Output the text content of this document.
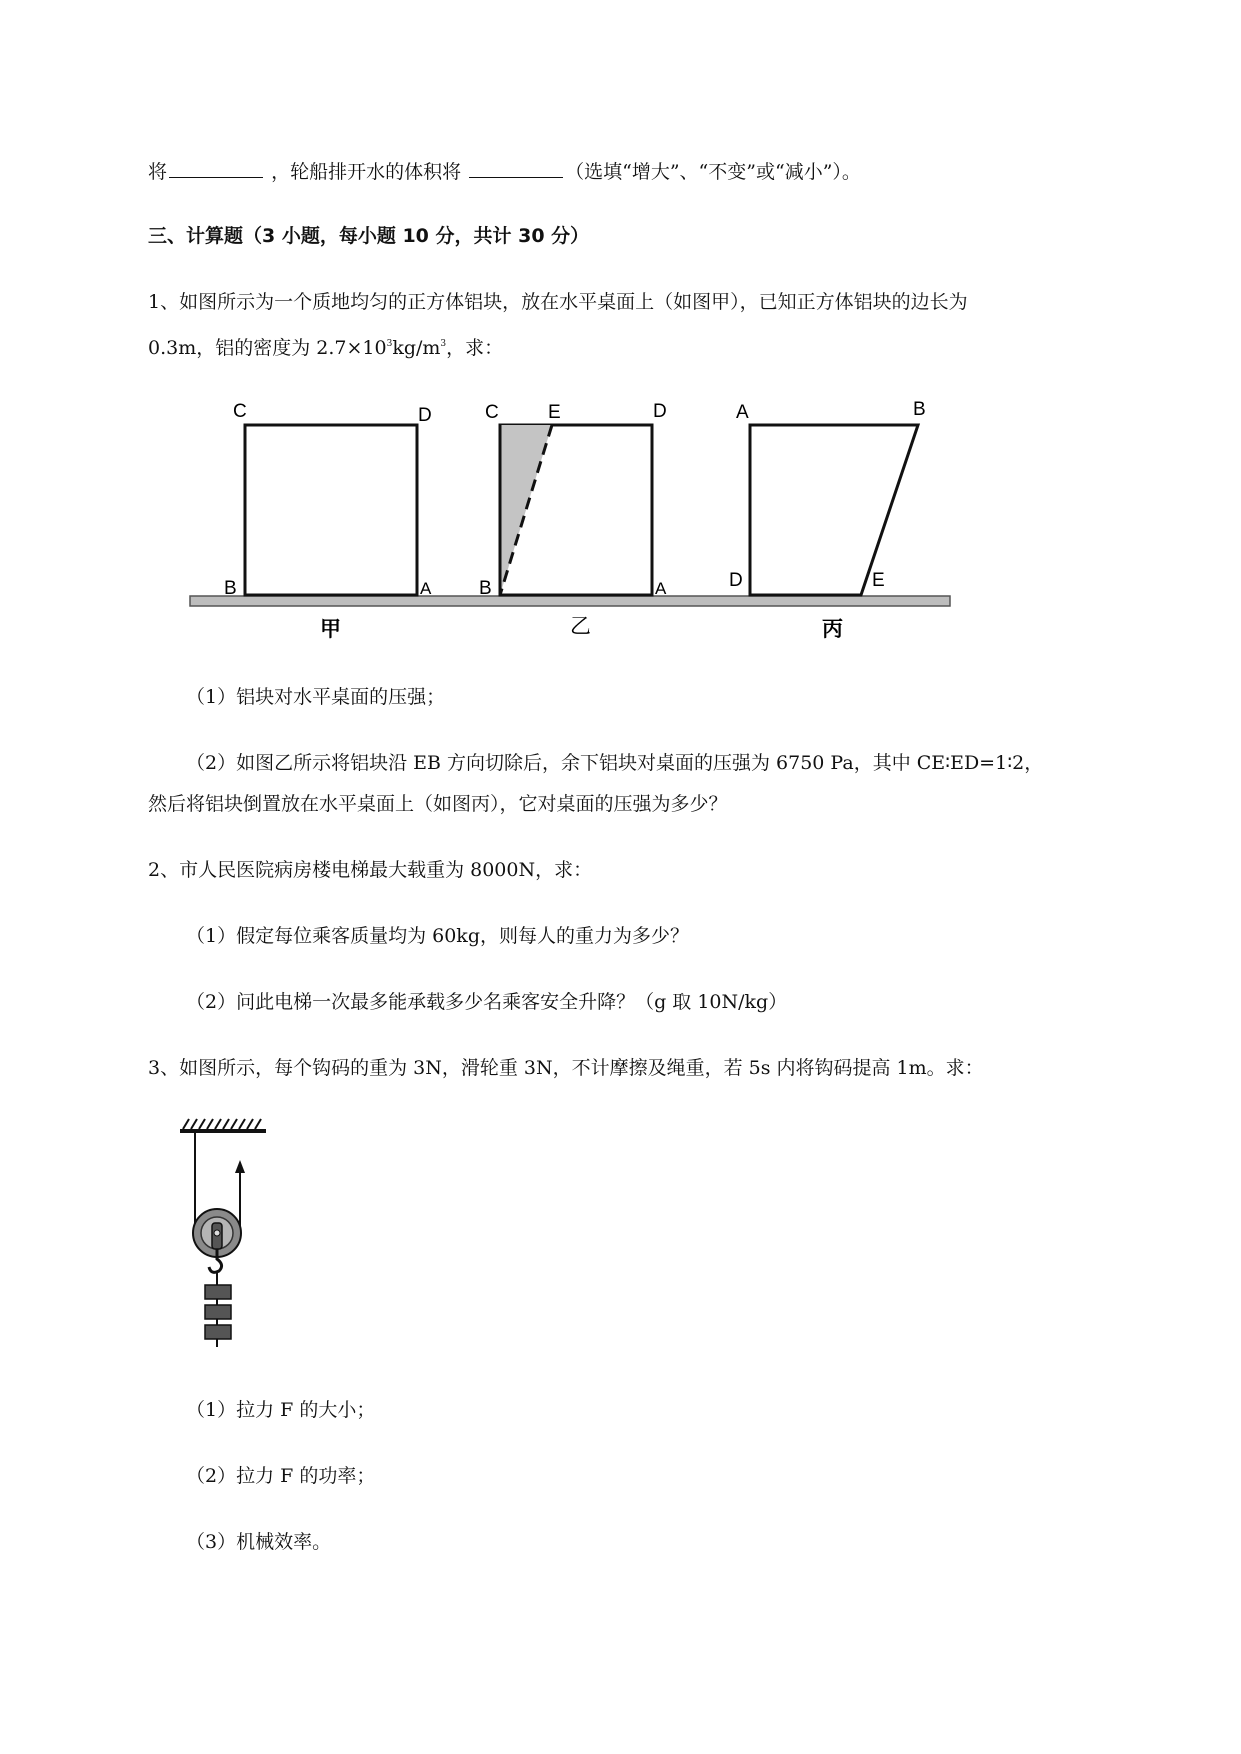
将	，轮船排开水的体积将	（选填“增大”、“不变”或“减小”）。
三、计算题（3 小题，每小题 10 分，共计 30 分）
1、如图所示为一个质地均匀的正方体铝块，放在水平桌面上（如图甲），已知正方体铝块的边长为
0.3m，铝的密度为 $2.7\times 10^3kg/m^3$，求：
C	D
B	A
甲
C	E	D
B	A
乙
A	B
D	E
丙
（1）铝块对水平桌面的压强；
（2）如图乙所示将铝块沿 EB 方向切除后，余下铝块对桌面的压强为 6750 Pa，其中 CE∶ED=1∶2，
然后将铝块倒置放在水平桌面上（如图丙），它对桌面的压强为多少？
2、市人民医院病房楼电梯最大载重为 8000N，求：
（1）假定每位乘客质量均为 60kg，则每人的重力为多少？
（2）问此电梯一次最多能承载多少名乘客安全升降？（g 取 10N/kg）
3、如图所示，每个钩码的重为 3N，滑轮重 3N，不计摩擦及绳重，若 5s 内将钩码提高 1m。求：
（1）拉力 F 的大小；
（2）拉力 F 的功率；
（3）机械效率。
